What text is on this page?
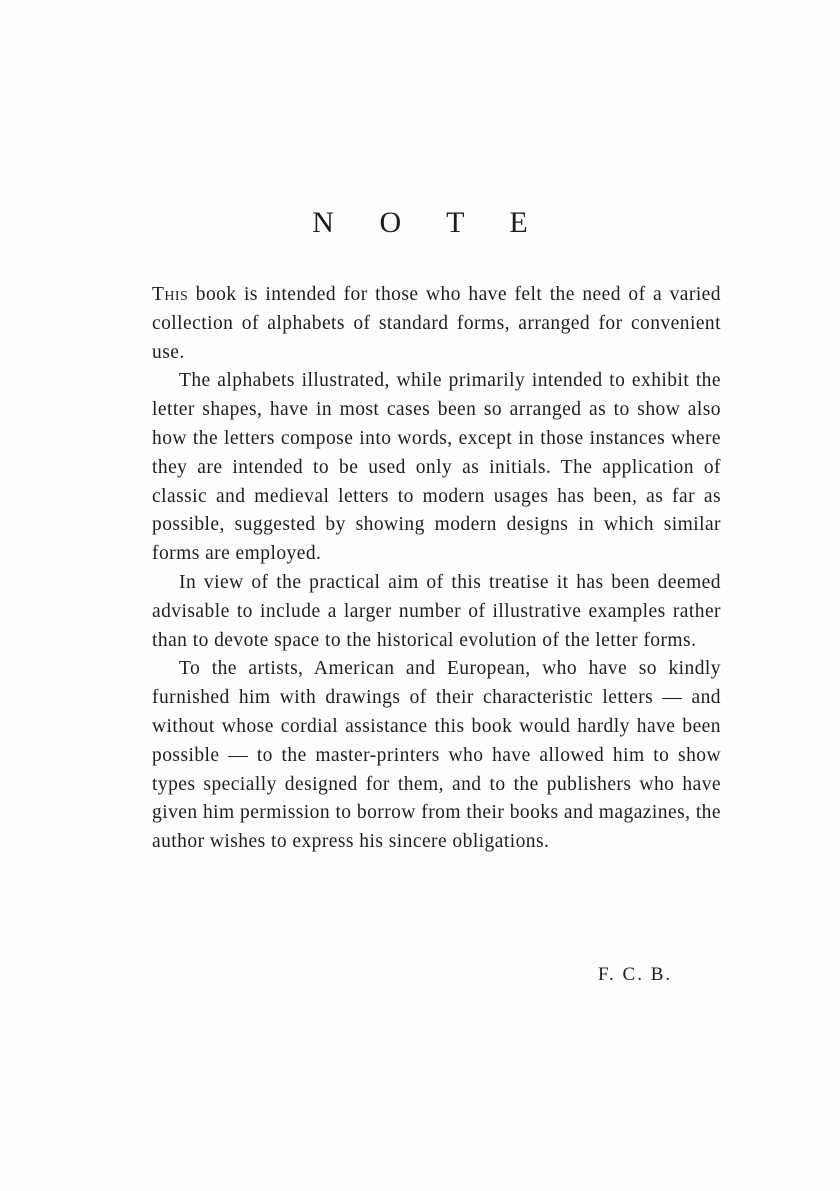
N O T E

This book is intended for those who have felt the need of a varied collection of alphabets of standard forms, arranged for convenient use.

The alphabets illustrated, while primarily intended to exhibit the letter shapes, have in most cases been so arranged as to show also how the letters compose into words, except in those instances where they are intended to be used only as initials. The application of classic and medieval letters to modern usages has been, as far as possible, suggested by showing modern designs in which similar forms are employed.

In view of the practical aim of this treatise it has been deemed advisable to include a larger number of illustrative examples rather than to devote space to the historical evolution of the letter forms.

To the artists, American and European, who have so kindly furnished him with drawings of their characteristic letters — and without whose cordial assistance this book would hardly have been possible — to the master-printers who have allowed him to show types specially designed for them, and to the publishers who have given him permission to borrow from their books and magazines, the author wishes to express his sincere obligations.

F. C. B.
